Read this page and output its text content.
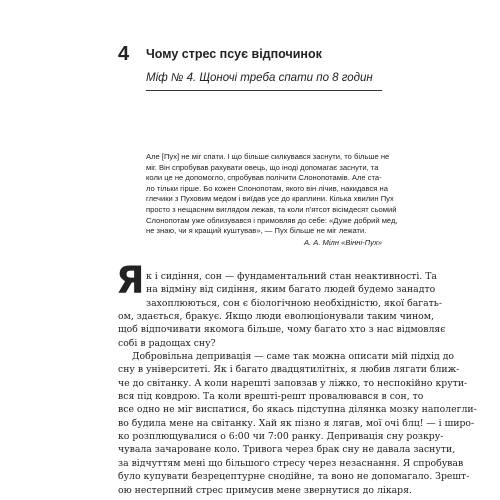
4 Чому стрес псує відпочинок
Міф № 4. Щоночі треба спати по 8 годин
Але [Пух] не міг спати. І що більше силкувався заснути, то більше не
міг. Він спробував рахувати овець, що іноді допомагає заснути, та
коли це не допомогло, спробував полічити Слонопотамів. Але ста-
ло тільки гірше. Бо кожен Слонопотам, якого він лічив, накидався на
глечики з Пуховим медом і виїдав усе до краплини. Кілька хвилин Пух
просто з нещасним виглядом лежав, та коли п'ятсот вісімдесят сьомий
Слонопотам уже облизувався і примовляв до себе: «Дуже добрий мед,
не знаю, чи я кращий куштував», — Пух більше не міг лежати.
А. А. Мілн «Вінні-Пух»
Я к і сидіння, сон — фундаментальний стан неактивності. Та
на відміну від сидіння, яким багато людей будемо занадто
захоплюються, сон є біологічною необхідністю, якої багать-
ом, здається, бракує. Якщо люди еволюціонували таким чином,
щоб відпочивати якомога більше, чому багато хто з нас відмовляє
собі в радощах сну?
Добровільна депривація — саме так можна описати мій підхід до
сну в університеті. Як і багато двадцятилітніх, я любив лягати ближ-
че до світанку. А коли нарешті заповзав у ліжко, то неспокійно крути-
вся під ковдрою. Та коли врешті-решт провалювався в сон, то
все одно не міг виспатися, бо якась підступна ділянка мозку наполегли-
во будила мене на світанку. Хай як пізно я лягав, мої очі блц! — і широ-
ко розплющувалися о 6:00 чи 7:00 ранку. Депривація сну розкру-
чувала зачароване коло. Тривога через брак сну не давала заснути,
за відчуттям мені що більшого стресу через незаснання. Я спробував
було купувати безрецептурне снодійне, та воно не допомагало. Зрешт-
ою нестерпний стрес примусив мене звернутися до лікаря.
